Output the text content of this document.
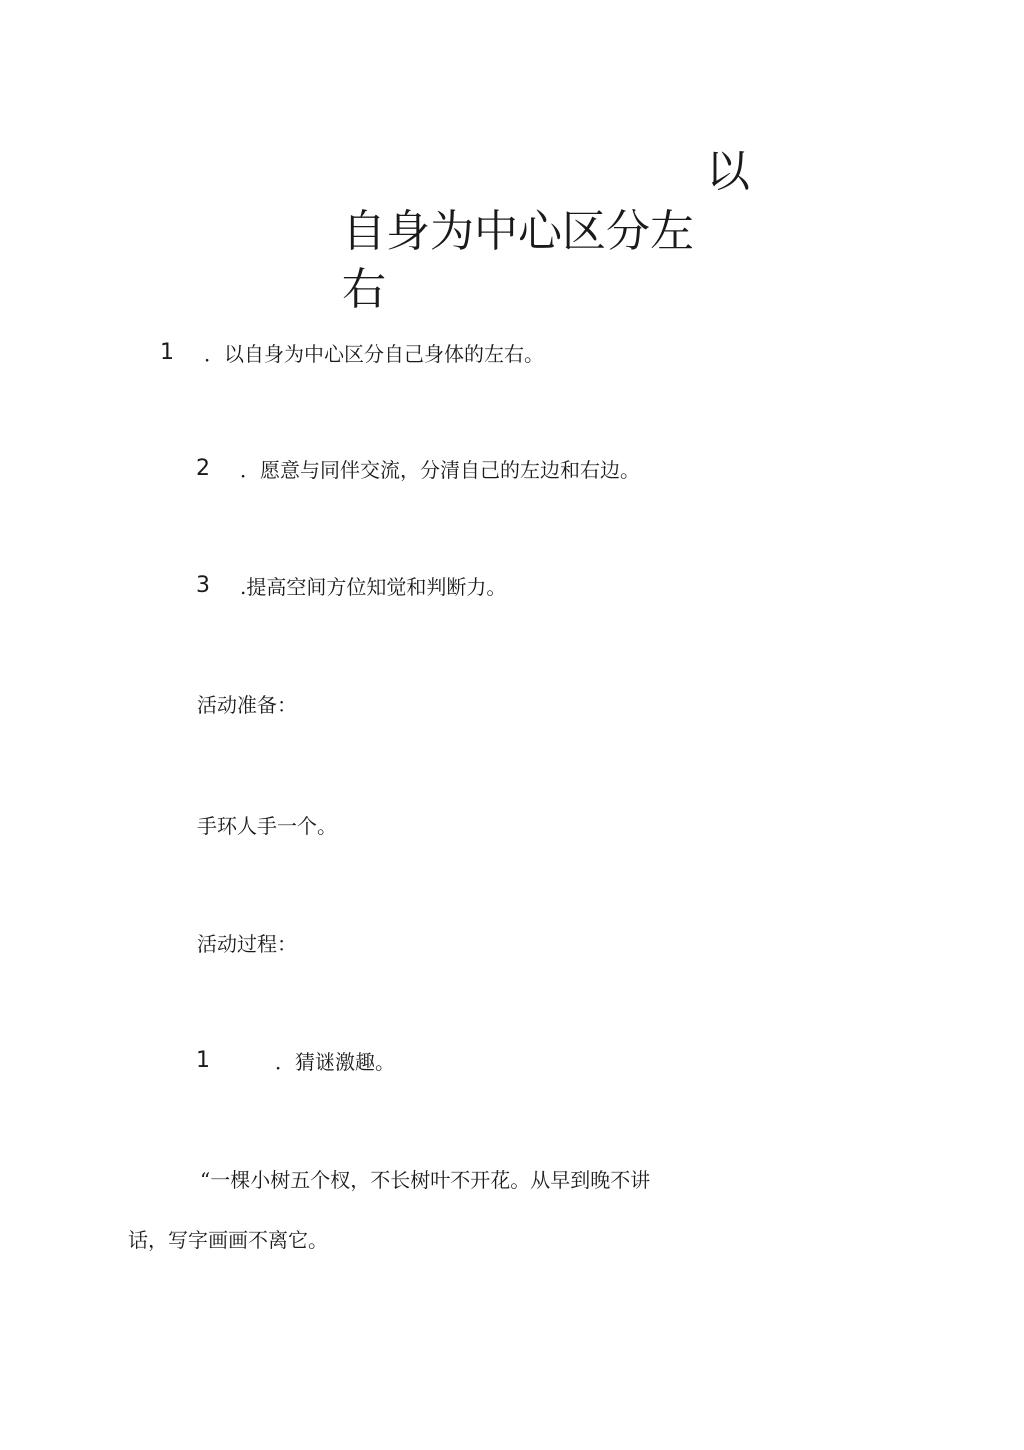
以
自身为中心区分左
右
1 ．以自身为中心区分自己身体的左右。
2 ．愿意与同伴交流，分清自己的左边和右边。
3 .提高空间方位知觉和判断力。
活动准备：
手环人手一个。
活动过程：
1	．猜谜激趣。
“一棵小树五个杈，不长树叶不开花。从早到晚不讲
话，写字画画不离它。
